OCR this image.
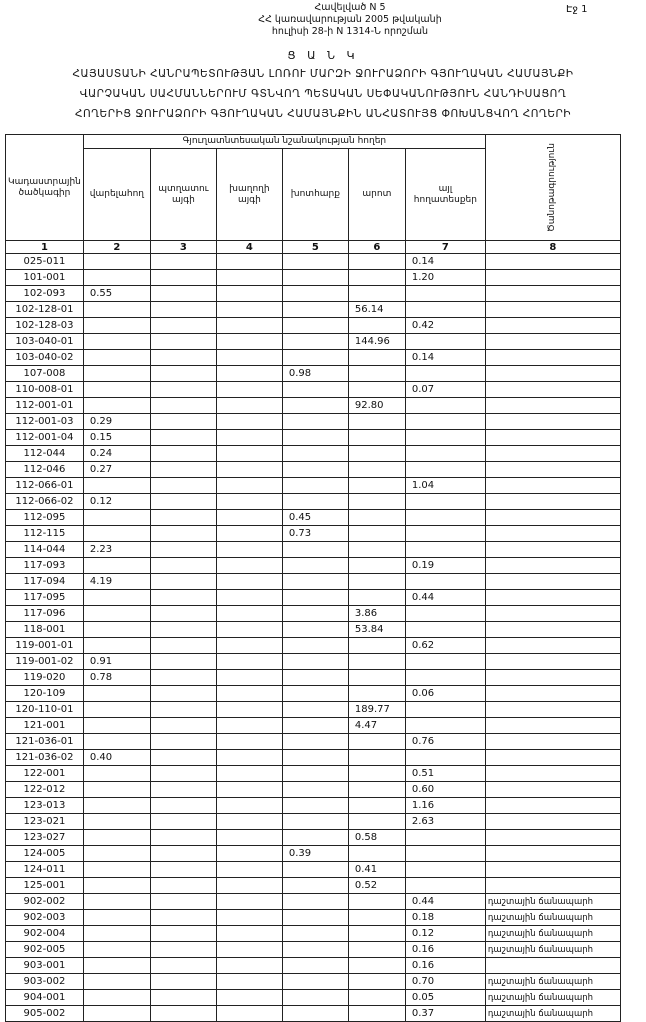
Հավելված N 5
ՀՀ կառավարության 2005 թվականի
հուլիսի 28-ի N 1314-Ն որոշման
Էջ 1
Ց Ա Ն Կ
ՀԱՅԱՍՏԱՆԻ ՀԱՆՐԱՊԵՏՈՒԹՅԱՆ ԼՈՌՈՒ ՄԱՐԶԻ ՋՈՒՐԱՁՈՐԻ ԳՅՈՒՂԱԿԱՆ ՀԱՄԱՅՆՔԻ
ՎԱՐՉԱԿԱՆ ՍԱՀՄԱՆՆԵՐՈՒՄ ԳՏՆՎՈՂ ՊԵՏԱԿԱՆ ՍԵՓԱԿԱՆՈՒԹՅՈՒՆ ՀԱՆԴԻՍԱՑՈՂ
ՀՈՂԵՐԻՑ ՋՈՒՐԱՁՈՐԻ ԳՅՈՒՂԱԿԱՆ ՀԱՄԱՅՆՔԻՆ ԱՆՀԱՏՈՒՅՑ ՓՈԽԱՆՑՎՈՂ ՀՈՂԵՐԻ
Կադաստրային ծածկագիր	Գյուղատնտեսական նշանակության հողեր						Ծանոթագրություն

	վարելահող	պտղատու այգի	խաղողի այգի	խոտհարք	արոտ	այլ հողատեսքեր	
1	2	3	4	5	6	7	8
025-011						0.14	
101-001						1.20	
102-093	0.55						
102-128-01					56.14		
102-128-03						0.42	
103-040-01					144.96		
103-040-02						0.14	
107-008				0.98			
110-008-01						0.07	
112-001-01					92.80		
112-001-03	0.29						
112-001-04	0.15						
112-044	0.24						
112-046	0.27						
112-066-01						1.04	
112-066-02	0.12						
112-095				0.45			
112-115				0.73			
114-044	2.23						
117-093						0.19	
117-094	4.19						
117-095						0.44	
117-096					3.86		
118-001					53.84		
119-001-01						0.62	
119-001-02	0.91						
119-020	0.78						
120-109						0.06	
120-110-01					189.77		
121-001					4.47		
121-036-01						0.76	
121-036-02	0.40						
122-001						0.51	
122-012						0.60	
123-013						1.16	
123-021						2.63	
123-027					0.58		
124-005				0.39			
124-011					0.41		
125-001					0.52		
902-002						0.44	դաշտային ճանապարհ
902-003						0.18	դաշտային ճանապարհ
902-004						0.12	դաշտային ճանապարհ
902-005						0.16	դաշտային ճանապարհ
903-001						0.16	
903-002						0.70	դաշտային ճանապարհ
904-001						0.05	դաշտային ճանապարհ
905-002						0.37	դաշտային ճանապարհ
